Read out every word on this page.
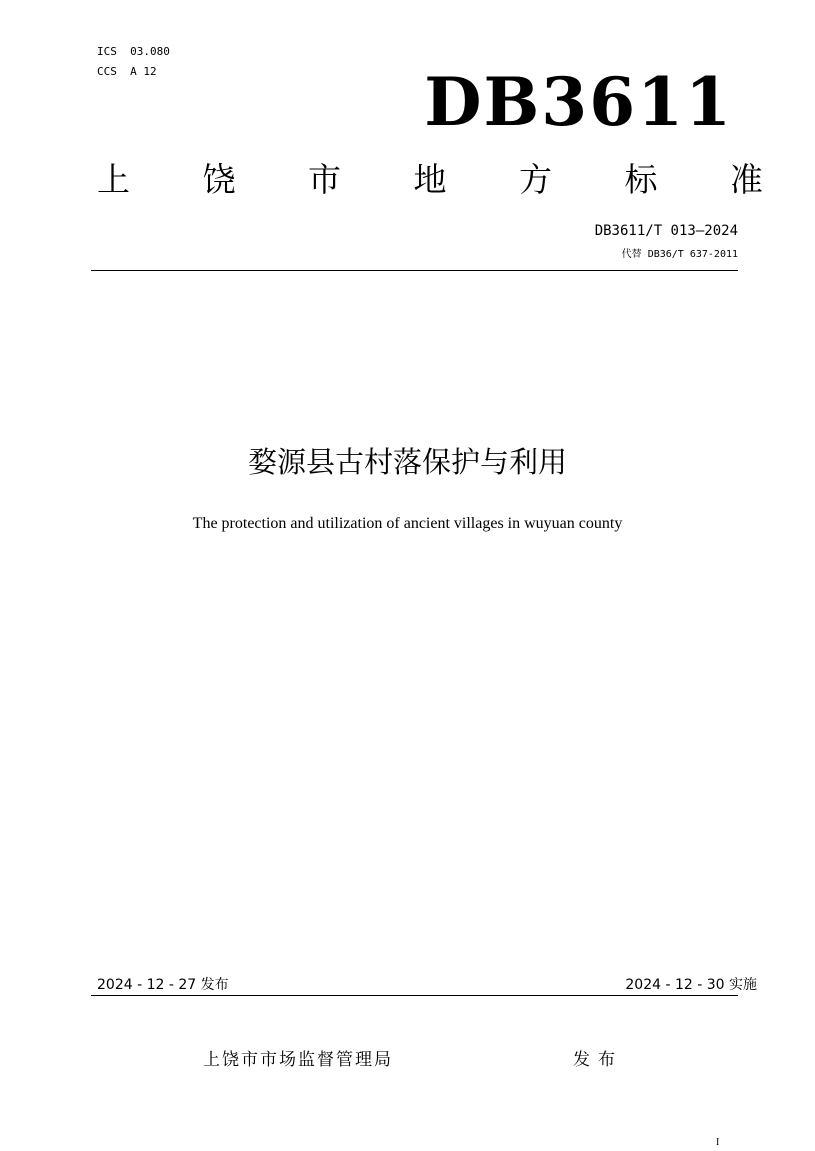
ICS  03.080
CCS  A 12	DB3611
上 饶 市 地 方 标 准
DB3611/T 013—2024
代替 DB36/T 637-2011
婺源县古村落保护与利用
The protection and utilization of ancient villages in wuyuan county
2024 - 12 - 27 发布	2024 - 12 - 30 实施
上饶市市场监督管理局	发布
I
